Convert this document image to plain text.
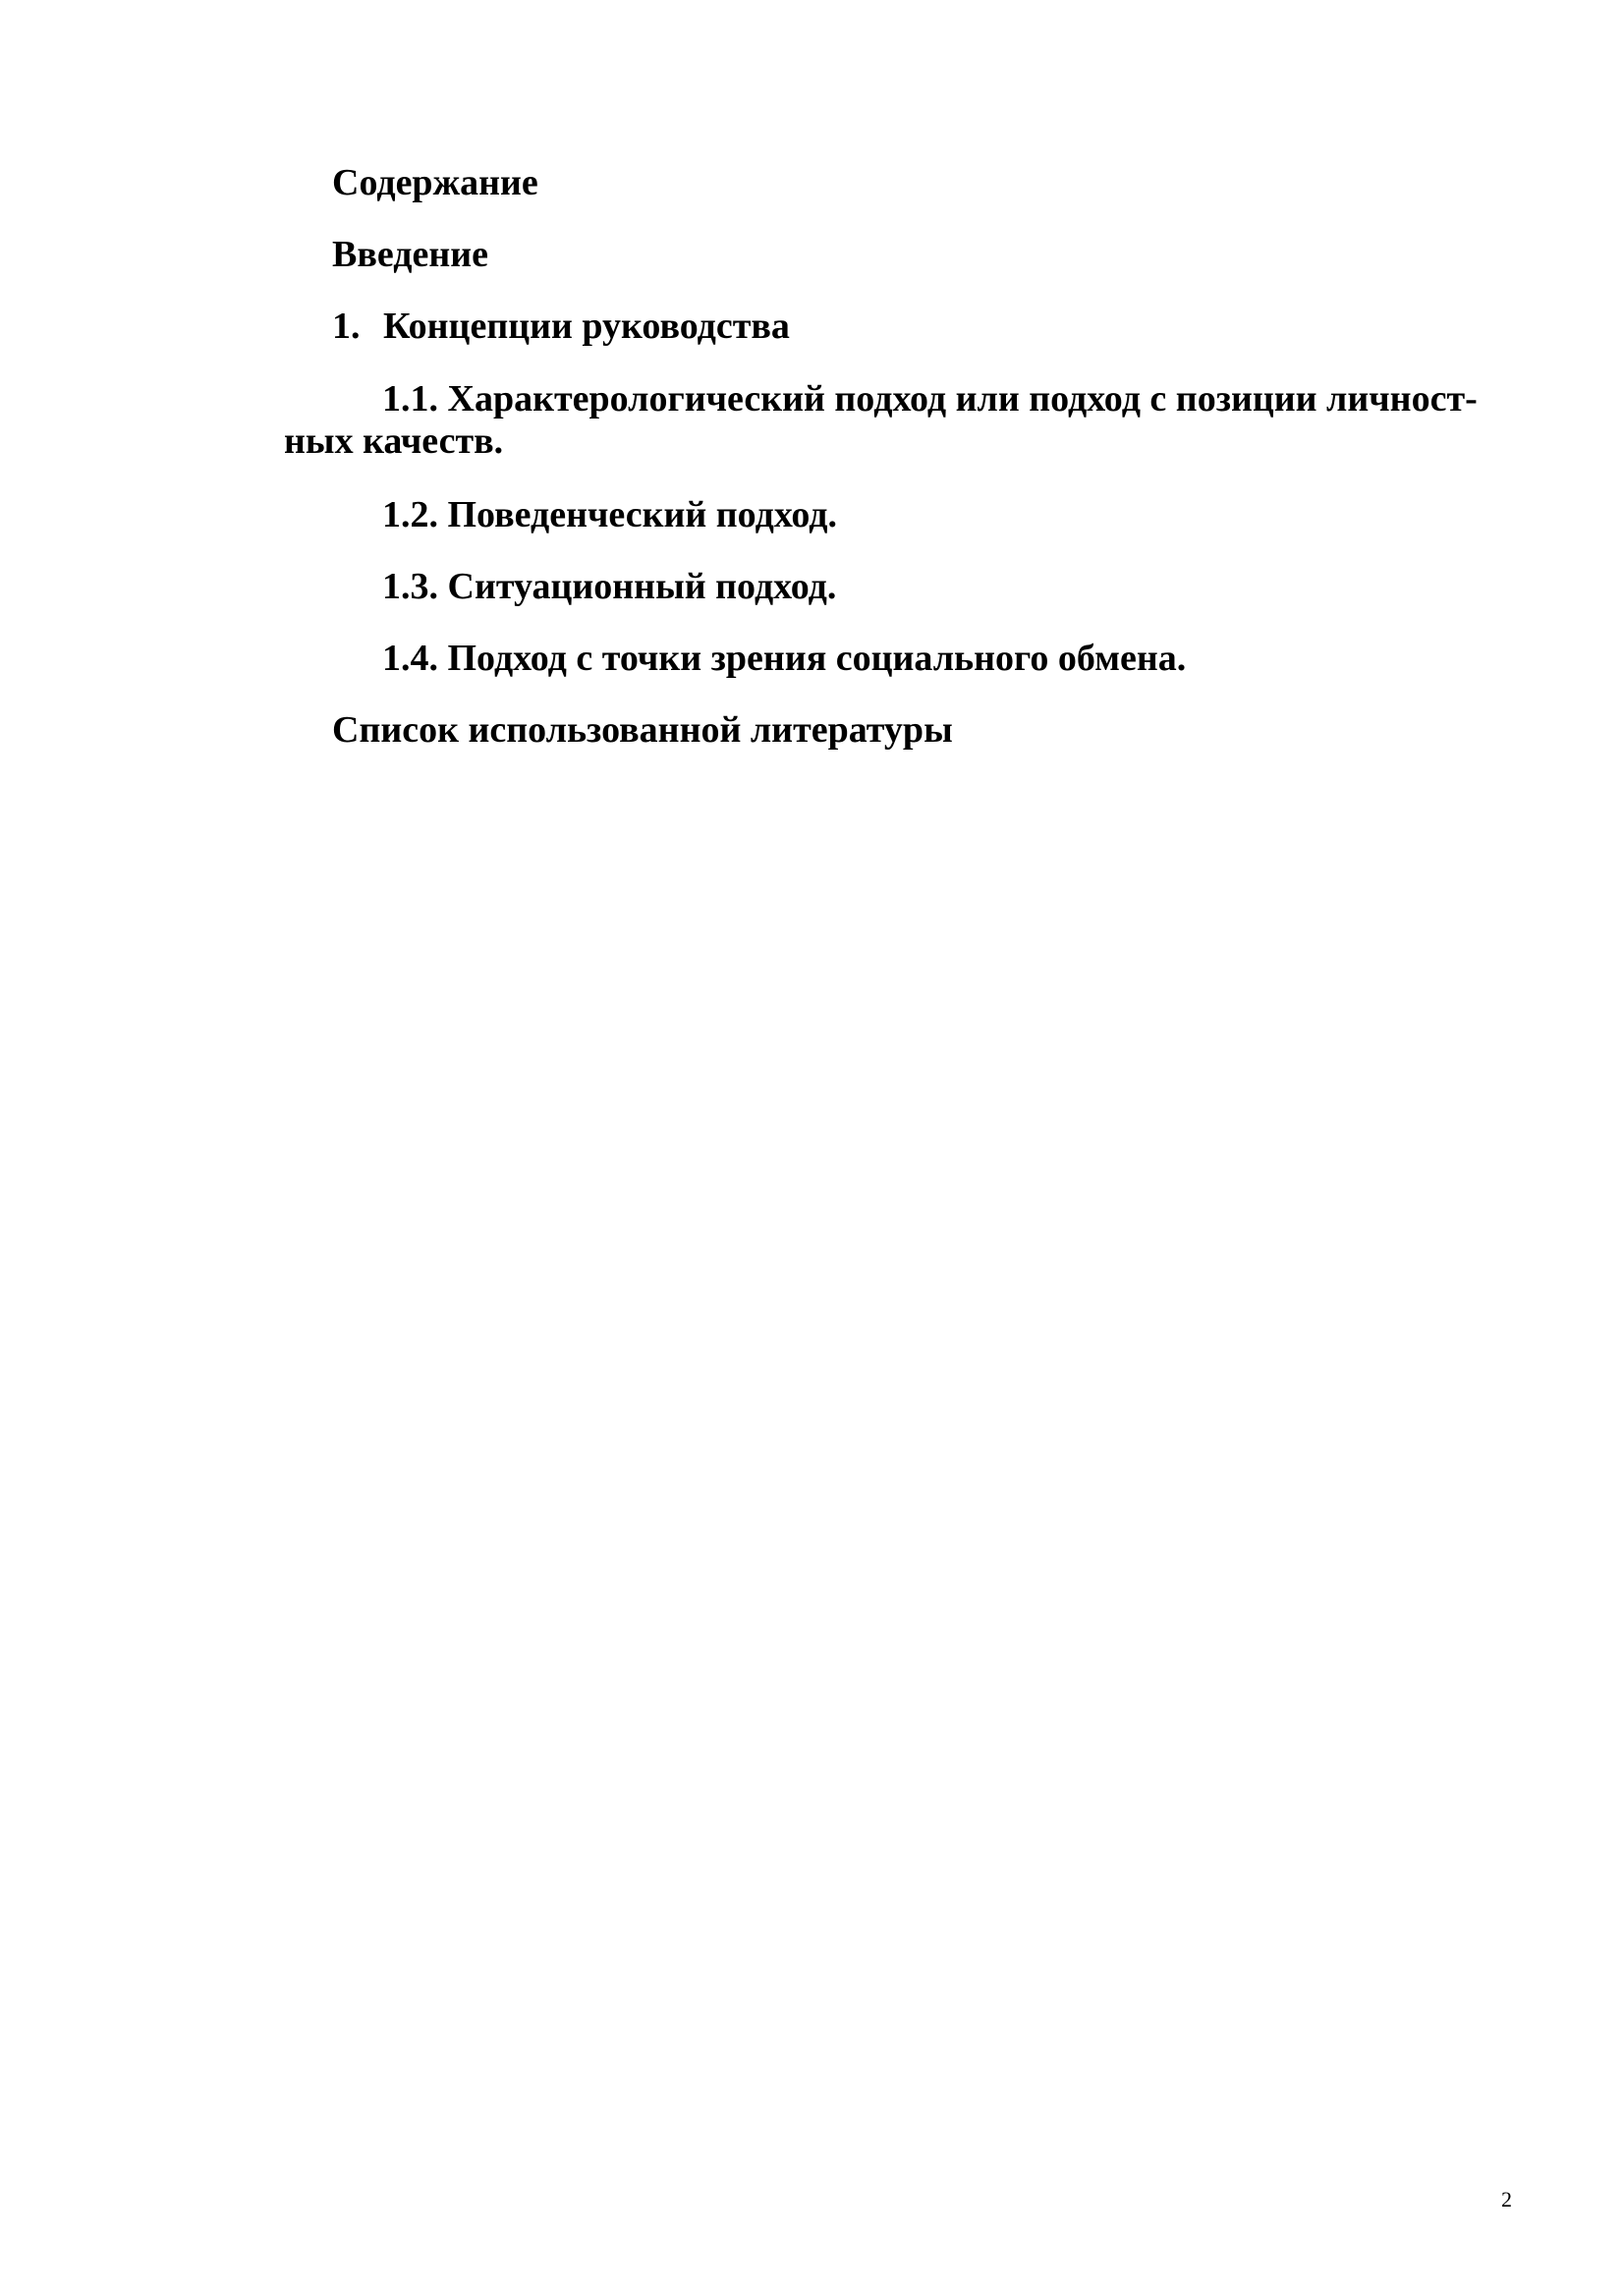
Содержание

Введение

1. Концепции руководства

1.1. Характерологический подход или подход с позиции личност-

ных качеств.

1.2. Поведенческий подход.

1.3. Ситуационный подход.

1.4. Подход с точки зрения социального обмена.

Список использованной литературы

2
